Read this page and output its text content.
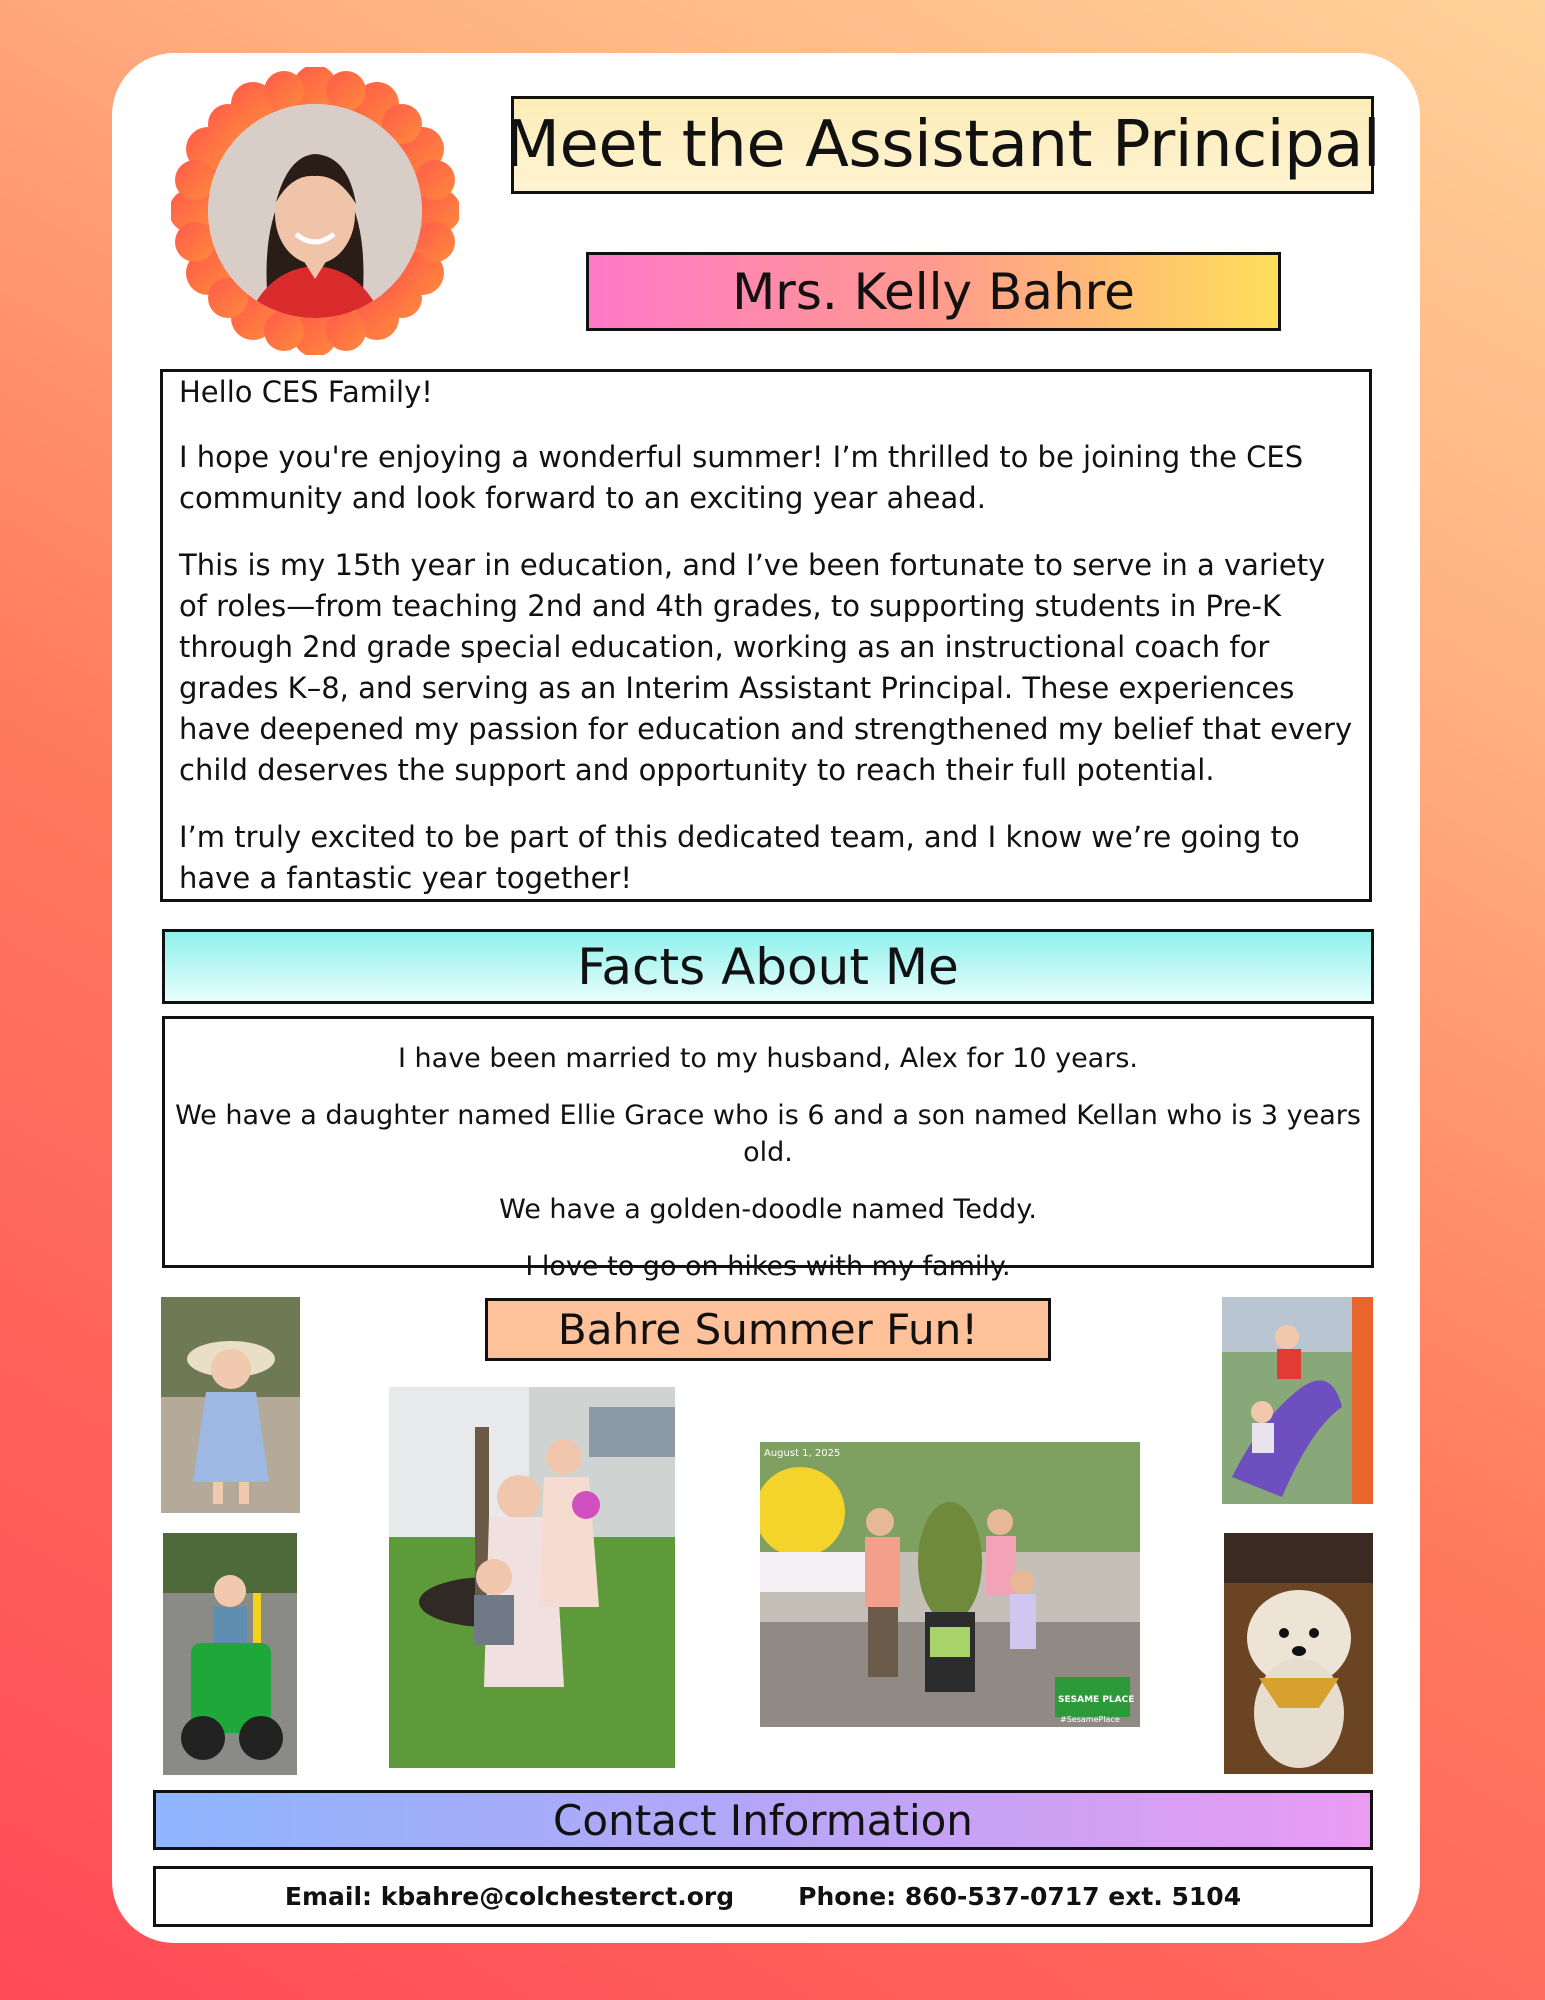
Meet the Assistant Principal
Mrs. Kelly Bahre

Hello CES Family!

I hope you're enjoying a wonderful summer! I’m thrilled to be joining the CES community and look forward to an exciting year ahead.

This is my 15th year in education, and I’ve been fortunate to serve in a variety of roles—from teaching 2nd and 4th grades, to supporting students in Pre-K through 2nd grade special education, working as an instructional coach for grades K–8, and serving as an Interim Assistant Principal. These experiences have deepened my passion for education and strengthened my belief that every child deserves the support and opportunity to reach their full potential.

I’m truly excited to be part of this dedicated team, and I know we’re going to have a fantastic year together!

Facts About Me

I have been married to my husband, Alex for 10 years.

We have a daughter named Ellie Grace who is 6 and a son named Kellan who is 3 years old.

We have a golden-doodle named Teddy.

I love to go on hikes with my family.

Bahre Summer Fun!
August 1, 2025
SESAME PLACE
#SesamePlace
Contact Information
Email: kbahre@colchesterct.org	Phone: 860-537-0717 ext. 5104
